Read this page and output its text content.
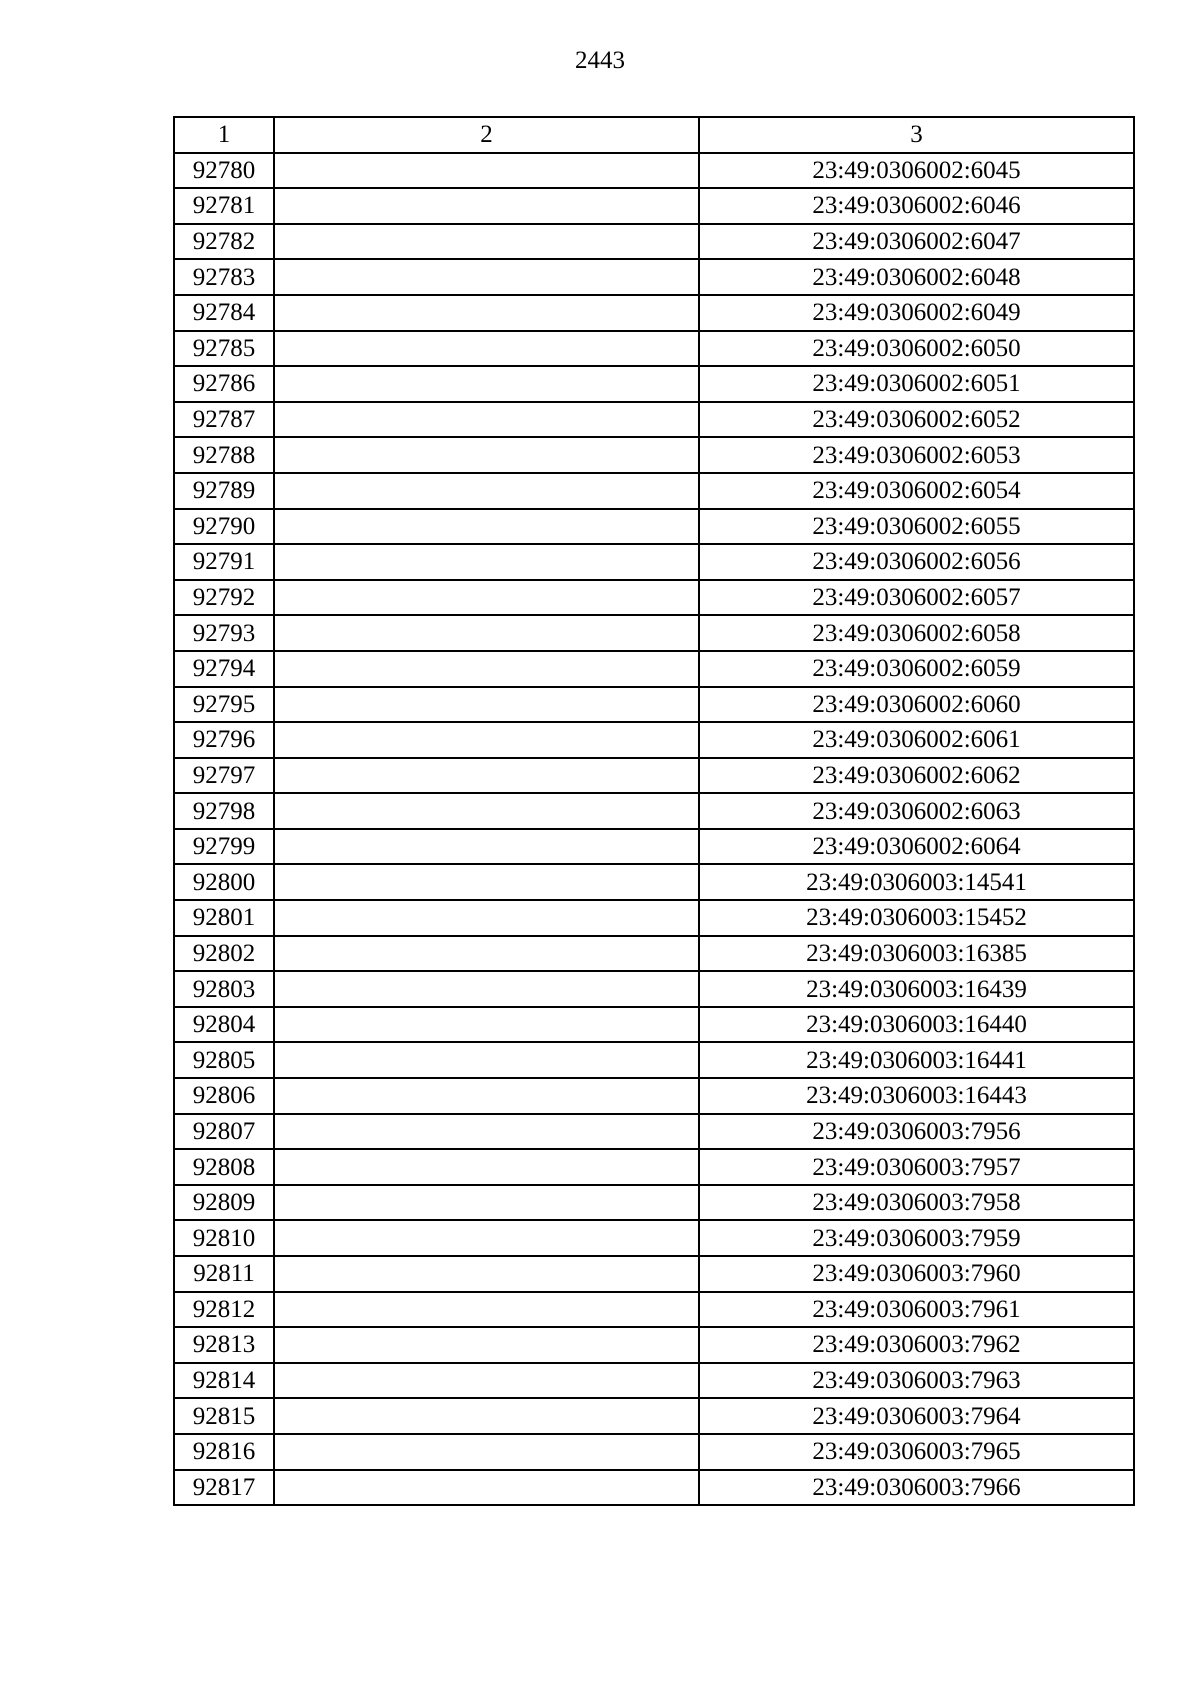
2443
1	2	3
92780		23:49:0306002:6045
92781		23:49:0306002:6046
92782		23:49:0306002:6047
92783		23:49:0306002:6048
92784		23:49:0306002:6049
92785		23:49:0306002:6050
92786		23:49:0306002:6051
92787		23:49:0306002:6052
92788		23:49:0306002:6053
92789		23:49:0306002:6054
92790		23:49:0306002:6055
92791		23:49:0306002:6056
92792		23:49:0306002:6057
92793		23:49:0306002:6058
92794		23:49:0306002:6059
92795		23:49:0306002:6060
92796		23:49:0306002:6061
92797		23:49:0306002:6062
92798		23:49:0306002:6063
92799		23:49:0306002:6064
92800		23:49:0306003:14541
92801		23:49:0306003:15452
92802		23:49:0306003:16385
92803		23:49:0306003:16439
92804		23:49:0306003:16440
92805		23:49:0306003:16441
92806		23:49:0306003:16443
92807		23:49:0306003:7956
92808		23:49:0306003:7957
92809		23:49:0306003:7958
92810		23:49:0306003:7959
92811		23:49:0306003:7960
92812		23:49:0306003:7961
92813		23:49:0306003:7962
92814		23:49:0306003:7963
92815		23:49:0306003:7964
92816		23:49:0306003:7965
92817		23:49:0306003:7966
